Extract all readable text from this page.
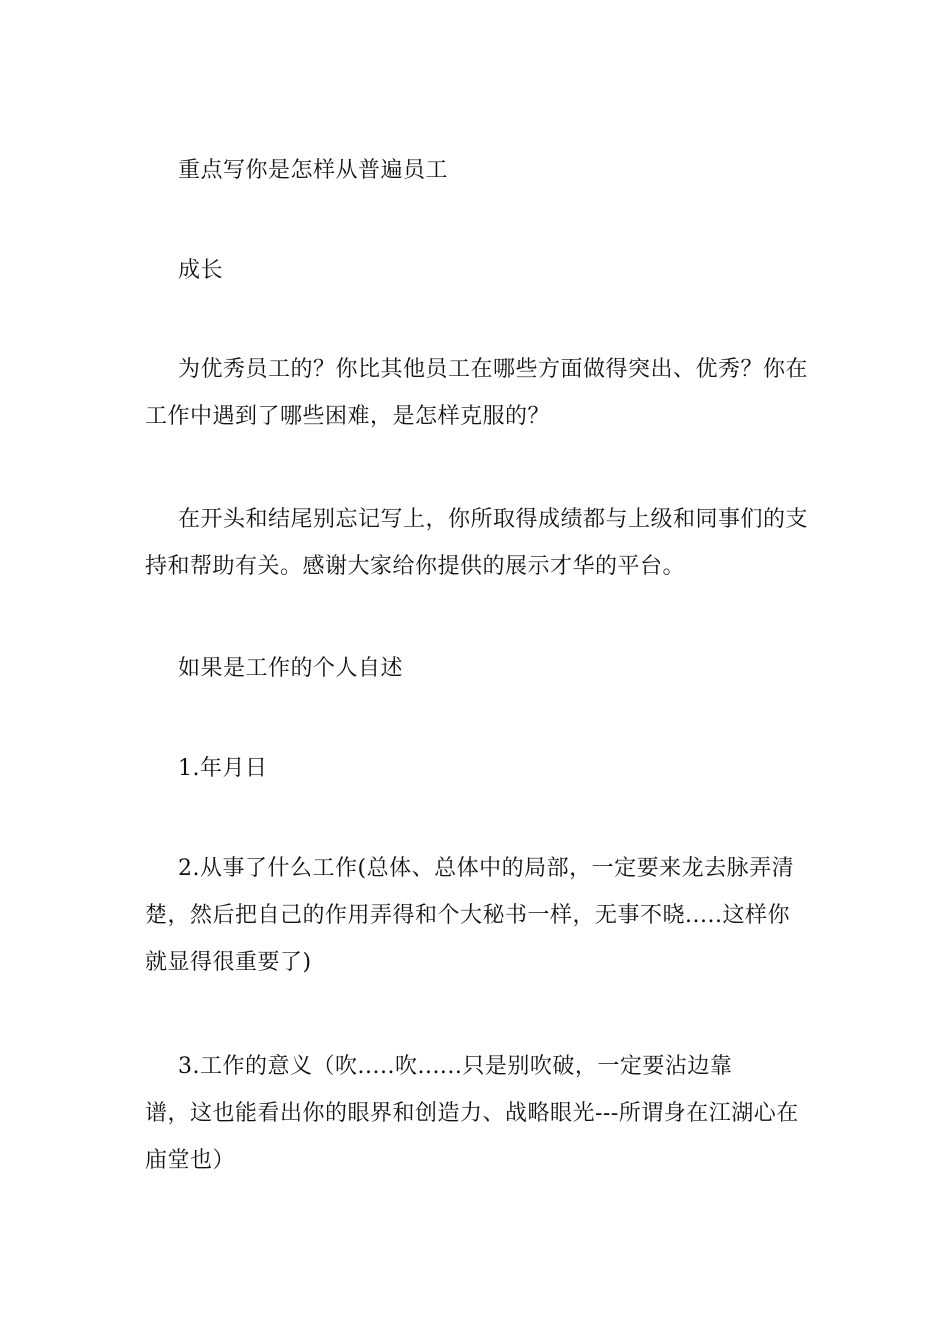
重点写你是怎样从普遍员工

成长

为优秀员工的？你比其他员工在哪些方面做得突出、优秀？你在
工作中遇到了哪些困难，是怎样克服的？

在开头和结尾别忘记写上，你所取得成绩都与上级和同事们的支
持和帮助有关。感谢大家给你提供的展示才华的平台。

如果是工作的个人自述

1.年月日

2.从事了什么工作(总体、总体中的局部，一定要来龙去脉弄清
楚，然后把自己的作用弄得和个大秘书一样，无事不晓.....这样你
就显得很重要了)

3.工作的意义（吹.....吹......只是别吹破，一定要沾边靠
谱，这也能看出你的眼界和创造力、战略眼光---所谓身在江湖心在
庙堂也）
